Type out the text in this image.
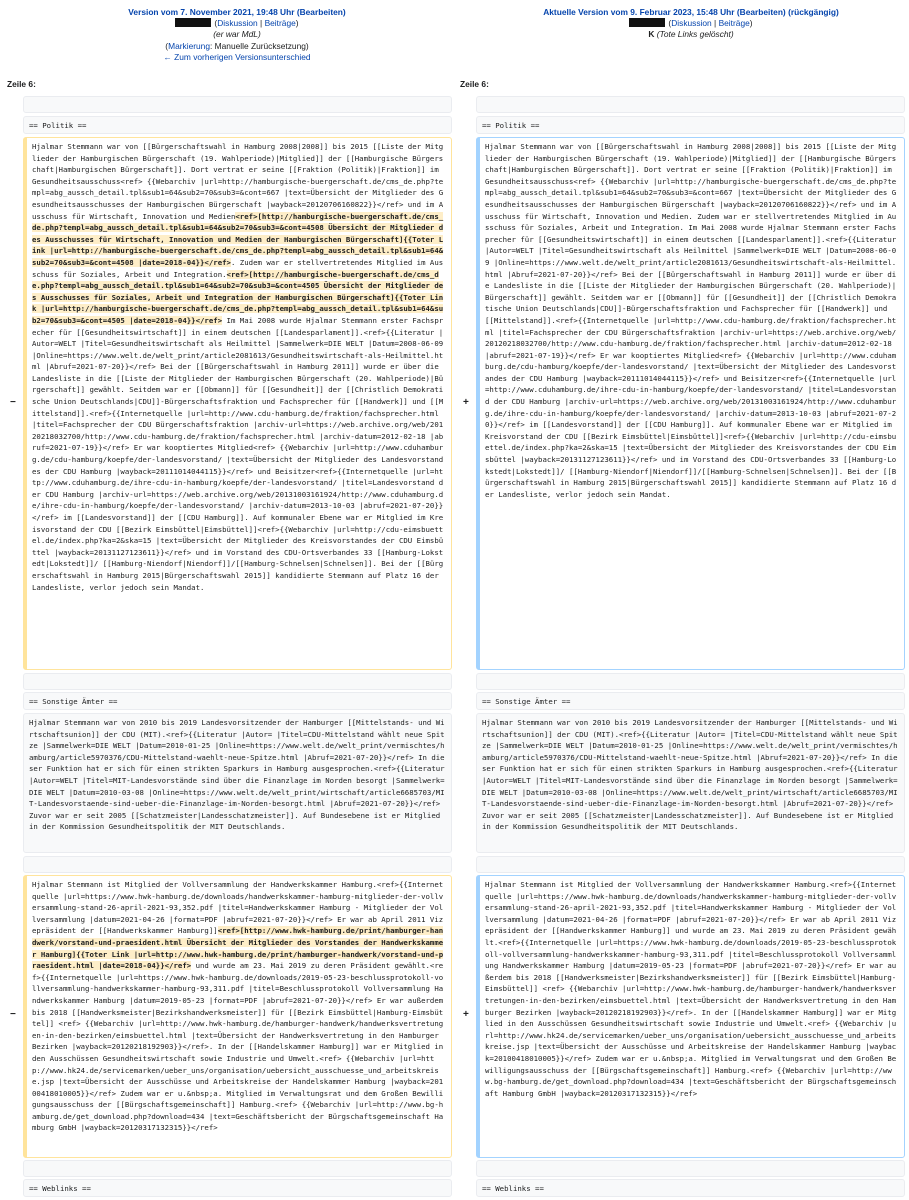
Version vom 7. November 2021, 19:48 Uhr (Bearbeiten)
(Diskussion | Beiträge)
(er war MdL)
(Markierung: Manuelle Zurücksetzung)
← Zum vorherigen Versionsunterschied
Aktuelle Version vom 9. Februar 2023, 15:48 Uhr (Bearbeiten) (rückgängig)
(Diskussion | Beiträge)
K (Tote Links gelöscht)
Zeile 6:	Zeile 6:
== Politik ==	== Politik ==
−
Hjalmar Stemmann war von [[Bürgerschaftswahl in Hamburg 2008|2008]] bis 2015 [[Liste der Mitglieder der Hamburgischen Bürgerschaft (19. Wahlperiode)|Mitglied]] der [[Hamburgische Bürgerschaft|Hamburgischen Bürgerschaft]]. Dort vertrat er seine [[Fraktion (Politik)|Fraktion]] im Gesundheitsausschuss<ref> {{Webarchiv |url=http://hamburgische-buergerschaft.de/cms_de.php?templ=abg_aussch_detail.tpl&sub1=64&sub2=70&sub3=&cont=667 |text=Übersicht der Mitglieder des Gesundheitsausschusses der Hamburgischen Bürgerschaft |wayback=20120706160822}}</ref> und im Ausschuss für Wirtschaft, Innovation und Medien<ref>[http://hamburgische-buergerschaft.de/cms_de.php?templ=abg_aussch_detail.tpl&sub1=64&sub2=70&sub3=&cont=4508 Übersicht der Mitglieder des Ausschusses für Wirtschaft, Innovation und Medien der Hamburgischen Bürgerschaft]{{Toter Link |url=http://hamburgische-buergerschaft.de/cms_de.php?templ=abg_aussch_detail.tpl&sub1=64&sub2=70&sub3=&cont=4508 |date=2018-04}}</ref>. Zudem war er stellvertretendes Mitglied im Ausschuss für Soziales, Arbeit und Integration.<ref>[http://hamburgische-buergerschaft.de/cms_de.php?templ=abg_aussch_detail.tpl&sub1=64&sub2=70&sub3=&cont=4505 Übersicht der Mitglieder des Ausschusses für Soziales, Arbeit und Integration der Hamburgischen Bürgerschaft]{{Toter Link |url=http://hamburgische-buergerschaft.de/cms_de.php?templ=abg_aussch_detail.tpl&sub1=64&sub2=70&sub3=&cont=4505 |date=2018-04}}</ref> Im Mai 2008 wurde Hjalmar Stemmann erster Fachsprecher für [[Gesundheitswirtschaft]] in einem deutschen [[Landesparlament]].<ref>{{Literatur |Autor=WELT |Titel=Gesundheitswirtschaft als Heilmittel |Sammelwerk=DIE WELT |Datum=2008-06-09 |Online=https://www.welt.de/welt_print/article2081613/Gesundheitswirtschaft-als-Heilmittel.html |Abruf=2021-07-20}}</ref> Bei der [[Bürgerschaftswahl in Hamburg 2011]] wurde er über die Landesliste in die [[Liste der Mitglieder der Hamburgischen Bürgerschaft (20. Wahlperiode)|Bürgerschaft]] gewählt. Seitdem war er [[Obmann]] für [[Gesundheit]] der [[Christlich Demokratische Union Deutschlands|CDU]]-Bürgerschaftsfraktion und Fachsprecher für [[Handwerk]] und [[Mittelstand]].<ref>{{Internetquelle |url=http://www.cdu-hamburg.de/fraktion/fachsprecher.html |titel=Fachsprecher der CDU Bürgerschaftsfraktion |archiv-url=https://web.archive.org/web/20120218032700/http://www.cdu-hamburg.de/fraktion/fachsprecher.html |archiv-datum=2012-02-18 |abruf=2021-07-19}}</ref> Er war kooptiertes Mitglied<ref> {{Webarchiv |url=http://www.cduhamburg.de/cdu-hamburg/koepfe/der-landesvorstand/ |text=Übersicht der Mitglieder des Landesvorstandes der CDU Hamburg |wayback=20111014044115}}</ref> und Beisitzer<ref>{{Internetquelle |url=http://www.cduhamburg.de/ihre-cdu-in-hamburg/koepfe/der-landesvorstand/ |titel=Landesvorstand der CDU Hamburg |archiv-url=https://web.archive.org/web/20131003161924/http://www.cduhamburg.de/ihre-cdu-in-hamburg/koepfe/der-landesvorstand/ |archiv-datum=2013-10-03 |abruf=2021-07-20}}</ref> im [[Landesvorstand]] der [[CDU Hamburg]]. Auf kommunaler Ebene war er Mitglied im Kreisvorstand der CDU [[Bezirk Eimsbüttel|Eimsbüttel]]<ref>{{Webarchiv |url=http://cdu-eimsbuettel.de/index.php?ka=2&ska=15 |text=Übersicht der Mitglieder des Kreisvorstandes der CDU Eimsbüttel |wayback=20131127123611}}</ref> und im Vorstand des CDU-Ortsverbandes 33 [[Hamburg-Lokstedt|Lokstedt]]/ [[Hamburg-Niendorf|Niendorf]]/[[Hamburg-Schnelsen|Schnelsen]]. Bei der [[Bürgerschaftswahl in Hamburg 2015|Bürgerschaftswahl 2015]] kandidierte Stemmann auf Platz 16 der Landesliste, verlor jedoch sein Mandat.
+
Hjalmar Stemmann war von [[Bürgerschaftswahl in Hamburg 2008|2008]] bis 2015 [[Liste der Mitglieder der Hamburgischen Bürgerschaft (19. Wahlperiode)|Mitglied]] der [[Hamburgische Bürgerschaft|Hamburgischen Bürgerschaft]]. Dort vertrat er seine [[Fraktion (Politik)|Fraktion]] im Gesundheitsausschuss<ref> {{Webarchiv |url=http://hamburgische-buergerschaft.de/cms_de.php?templ=abg_aussch_detail.tpl&sub1=64&sub2=70&sub3=&cont=667 |text=Übersicht der Mitglieder des Gesundheitsausschusses der Hamburgischen Bürgerschaft |wayback=20120706160822}}</ref> und im Ausschuss für Wirtschaft, Innovation und Medien. Zudem war er stellvertretendes Mitglied im Ausschuss für Soziales, Arbeit und Integration. Im Mai 2008 wurde Hjalmar Stemmann erster Fachsprecher für [[Gesundheitswirtschaft]] in einem deutschen [[Landesparlament]].<ref>{{Literatur |Autor=WELT |Titel=Gesundheitswirtschaft als Heilmittel |Sammelwerk=DIE WELT |Datum=2008-06-09 |Online=https://www.welt.de/welt_print/article2081613/Gesundheitswirtschaft-als-Heilmittel.html |Abruf=2021-07-20}}</ref> Bei der [[Bürgerschaftswahl in Hamburg 2011]] wurde er über die Landesliste in die [[Liste der Mitglieder der Hamburgischen Bürgerschaft (20. Wahlperiode)|Bürgerschaft]] gewählt. Seitdem war er [[Obmann]] für [[Gesundheit]] der [[Christlich Demokratische Union Deutschlands|CDU]]-Bürgerschaftsfraktion und Fachsprecher für [[Handwerk]] und [[Mittelstand]].<ref>{{Internetquelle |url=http://www.cdu-hamburg.de/fraktion/fachsprecher.html |titel=Fachsprecher der CDU Bürgerschaftsfraktion |archiv-url=https://web.archive.org/web/20120218032700/http://www.cdu-hamburg.de/fraktion/fachsprecher.html |archiv-datum=2012-02-18 |abruf=2021-07-19}}</ref> Er war kooptiertes Mitglied<ref> {{Webarchiv |url=http://www.cduhamburg.de/cdu-hamburg/koepfe/der-landesvorstand/ |text=Übersicht der Mitglieder des Landesvorstandes der CDU Hamburg |wayback=20111014044115}}</ref> und Beisitzer<ref>{{Internetquelle |url=http://www.cduhamburg.de/ihre-cdu-in-hamburg/koepfe/der-landesvorstand/ |titel=Landesvorstand der CDU Hamburg |archiv-url=https://web.archive.org/web/20131003161924/http://www.cduhamburg.de/ihre-cdu-in-hamburg/koepfe/der-landesvorstand/ |archiv-datum=2013-10-03 |abruf=2021-07-20}}</ref> im [[Landesvorstand]] der [[CDU Hamburg]]. Auf kommunaler Ebene war er Mitglied im Kreisvorstand der CDU [[Bezirk Eimsbüttel|Eimsbüttel]]<ref>{{Webarchiv |url=http://cdu-eimsbuettel.de/index.php?ka=2&ska=15 |text=Übersicht der Mitglieder des Kreisvorstandes der CDU Eimsbüttel |wayback=20131127123611}}</ref> und im Vorstand des CDU-Ortsverbandes 33 [[Hamburg-Lokstedt|Lokstedt]]/ [[Hamburg-Niendorf|Niendorf]]/[[Hamburg-Schnelsen|Schnelsen]]. Bei der [[Bürgerschaftswahl in Hamburg 2015|Bürgerschaftswahl 2015]] kandidierte Stemmann auf Platz 16 der Landesliste, verlor jedoch sein Mandat.
== Sonstige Ämter ==	== Sonstige Ämter ==
Hjalmar Stemmann war von 2010 bis 2019 Landesvorsitzender der Hamburger [[Mittelstands- und Wirtschaftsunion]] der CDU (MIT).<ref>{{Literatur |Autor= |Titel=CDU-Mittelstand wählt neue Spitze |Sammelwerk=DIE WELT |Datum=2010-01-25 |Online=https://www.welt.de/welt_print/vermischtes/hamburg/article5970376/CDU-Mittelstand-waehlt-neue-Spitze.html |Abruf=2021-07-20}}</ref> In dieser Funktion hat er sich für einen strikten Sparkurs in Hamburg ausgesprochen.<ref>{{Literatur |Autor=WELT |Titel=MIT-Landesvorstände sind über die Finanzlage im Norden besorgt |Sammelwerk=DIE WELT |Datum=2010-03-08 |Online=https://www.welt.de/welt_print/wirtschaft/article6685703/MIT-Landesvorstaende-sind-ueber-die-Finanzlage-im-Norden-besorgt.html |Abruf=2021-07-20}}</ref> Zuvor war er seit 2005 [[Schatzmeister|Landesschatzmeister]]. Auf Bundesebene ist er Mitglied in der Kommission Gesundheitspolitik der MIT Deutschlands.
Hjalmar Stemmann war von 2010 bis 2019 Landesvorsitzender der Hamburger [[Mittelstands- und Wirtschaftsunion]] der CDU (MIT).<ref>{{Literatur |Autor= |Titel=CDU-Mittelstand wählt neue Spitze |Sammelwerk=DIE WELT |Datum=2010-01-25 |Online=https://www.welt.de/welt_print/vermischtes/hamburg/article5970376/CDU-Mittelstand-waehlt-neue-Spitze.html |Abruf=2021-07-20}}</ref> In dieser Funktion hat er sich für einen strikten Sparkurs in Hamburg ausgesprochen.<ref>{{Literatur |Autor=WELT |Titel=MIT-Landesvorstände sind über die Finanzlage im Norden besorgt |Sammelwerk=DIE WELT |Datum=2010-03-08 |Online=https://www.welt.de/welt_print/wirtschaft/article6685703/MIT-Landesvorstaende-sind-ueber-die-Finanzlage-im-Norden-besorgt.html |Abruf=2021-07-20}}</ref> Zuvor war er seit 2005 [[Schatzmeister|Landesschatzmeister]]. Auf Bundesebene ist er Mitglied in der Kommission Gesundheitspolitik der MIT Deutschlands.
−
Hjalmar Stemmann ist Mitglied der Vollversammlung der Handwerkskammer Hamburg.<ref>{{Internetquelle |url=https://www.hwk-hamburg.de/downloads/handwerkskammer-hamburg-mitglieder-der-vollversammlung-stand-26-april-2021-93,352.pdf |titel=Handwerkskammer Hamburg - Mitglieder der Vollversammlung |datum=2021-04-26 |format=PDF |abruf=2021-07-20}}</ref> Er war ab April 2011 Vizepräsident der [[Handwerkskammer Hamburg]]<ref>[http://www.hwk-hamburg.de/print/hamburger-handwerk/vorstand-und-praesident.html Übersicht der Mitglieder des Vorstandes der Handwerkskammer Hamburg]{{Toter Link |url=http://www.hwk-hamburg.de/print/hamburger-handwerk/vorstand-und-praesident.html |date=2018-04}}</ref> und wurde am 23. Mai 2019 zu deren Präsident gewählt.<ref>{{Internetquelle |url=https://www.hwk-hamburg.de/downloads/2019-05-23-beschlussprotokoll-vollversammlung-handwerkskammer-hamburg-93,311.pdf |titel=Beschlussprotokoll Vollversammlung Handwerkskammer Hamburg |datum=2019-05-23 |format=PDF |abruf=2021-07-20}}</ref> Er war außerdem bis 2018 [[Handwerksmeister|Bezirkshandwerksmeister]] für [[Bezirk Eimsbüttel|Hamburg-Eimsbüttel]] <ref> {{Webarchiv |url=http://www.hwk-hamburg.de/hamburger-handwerk/handwerksvertretungen-in-den-bezirken/eimsbuettel.html |text=Übersicht der Handwerksvertretung in den Hamburger Bezirken |wayback=20120218192903}}</ref>. In der [[Handelskammer Hamburg]] war er Mitglied in den Ausschüssen Gesundheitswirtschaft sowie Industrie und Umwelt.<ref> {{Webarchiv |url=http://www.hk24.de/servicemarken/ueber_uns/organisation/uebersicht_ausschuesse_und_arbeitskreise.jsp |text=Übersicht der Ausschüsse und Arbeitskreise der Handelskammer Hamburg |wayback=20100418010005}}</ref> Zudem war er u.&nbsp;a. Mitglied im Verwaltungsrat und dem Großen Bewilligungsausschuss der [[Bürgschaftsgemeinschaft]] Hamburg.<ref> {{Webarchiv |url=http://www.bg-hamburg.de/get_download.php?download=434 |text=Geschäftsbericht der Bürgschaftsgemeinschaft Hamburg GmbH |wayback=20120317132315}}</ref>
+
Hjalmar Stemmann ist Mitglied der Vollversammlung der Handwerkskammer Hamburg.<ref>{{Internetquelle |url=https://www.hwk-hamburg.de/downloads/handwerkskammer-hamburg-mitglieder-der-vollversammlung-stand-26-april-2021-93,352.pdf |titel=Handwerkskammer Hamburg - Mitglieder der Vollversammlung |datum=2021-04-26 |format=PDF |abruf=2021-07-20}}</ref> Er war ab April 2011 Vizepräsident der [[Handwerkskammer Hamburg]] und wurde am 23. Mai 2019 zu deren Präsident gewählt.<ref>{{Internetquelle |url=https://www.hwk-hamburg.de/downloads/2019-05-23-beschlussprotokoll-vollversammlung-handwerkskammer-hamburg-93,311.pdf |titel=Beschlussprotokoll Vollversammlung Handwerkskammer Hamburg |datum=2019-05-23 |format=PDF |abruf=2021-07-20}}</ref> Er war außerdem bis 2018 [[Handwerksmeister|Bezirkshandwerksmeister]] für [[Bezirk Eimsbüttel|Hamburg-Eimsbüttel]] <ref> {{Webarchiv |url=http://www.hwk-hamburg.de/hamburger-handwerk/handwerksvertretungen-in-den-bezirken/eimsbuettel.html |text=Übersicht der Handwerksvertretung in den Hamburger Bezirken |wayback=20120218192903}}</ref>. In der [[Handelskammer Hamburg]] war er Mitglied in den Ausschüssen Gesundheitswirtschaft sowie Industrie und Umwelt.<ref> {{Webarchiv |url=http://www.hk24.de/servicemarken/ueber_uns/organisation/uebersicht_ausschuesse_und_arbeitskreise.jsp |text=Übersicht der Ausschüsse und Arbeitskreise der Handelskammer Hamburg |wayback=20100418010005}}</ref> Zudem war er u.&nbsp;a. Mitglied im Verwaltungsrat und dem Großen Bewilligungsausschuss der [[Bürgschaftsgemeinschaft]] Hamburg.<ref> {{Webarchiv |url=http://www.bg-hamburg.de/get_download.php?download=434 |text=Geschäftsbericht der Bürgschaftsgemeinschaft Hamburg GmbH |wayback=20120317132315}}</ref>
== Weblinks ==	== Weblinks ==
